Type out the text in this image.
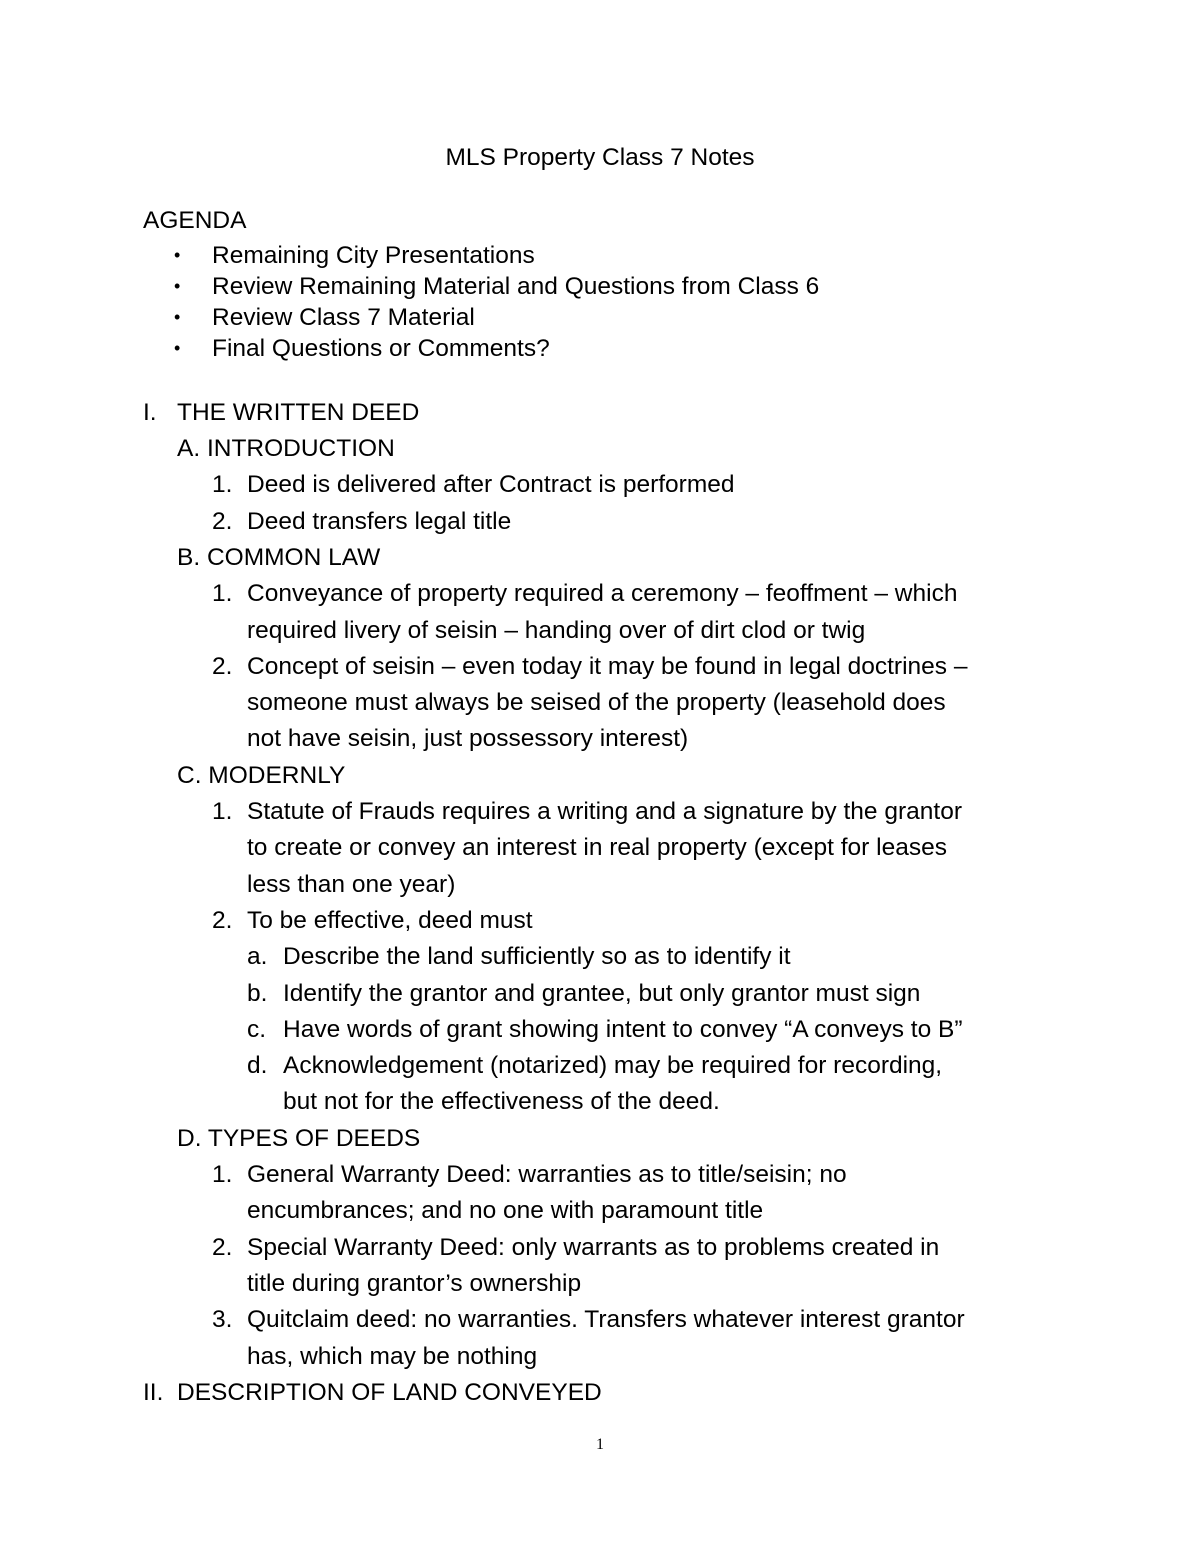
MLS Property Class 7 Notes
AGENDA
• Remaining City Presentations
• Review Remaining Material and Questions from Class 6
• Review Class 7 Material
• Final Questions or Comments?
I. THE WRITTEN DEED
A. INTRODUCTION
1. Deed is delivered after Contract is performed
2. Deed transfers legal title
B. COMMON LAW
1. Conveyance of property required a ceremony – feoffment – which
required livery of seisin – handing over of dirt clod or twig
2. Concept of seisin – even today it may be found in legal doctrines –
someone must always be seised of the property (leasehold does
not have seisin, just possessory interest)
C. MODERNLY
1. Statute of Frauds requires a writing and a signature by the grantor
to create or convey an interest in real property (except for leases
less than one year)
2. To be effective, deed must
a. Describe the land sufficiently so as to identify it
b. Identify the grantor and grantee, but only grantor must sign
c. Have words of grant showing intent to convey “A conveys to B”
d. Acknowledgement (notarized) may be required for recording,
but not for the effectiveness of the deed.
D. TYPES OF DEEDS
1. General Warranty Deed: warranties as to title/seisin; no
encumbrances; and no one with paramount title
2. Special Warranty Deed: only warrants as to problems created in
title during grantor’s ownership
3. Quitclaim deed: no warranties. Transfers whatever interest grantor
has, which may be nothing
II. DESCRIPTION OF LAND CONVEYED
1
